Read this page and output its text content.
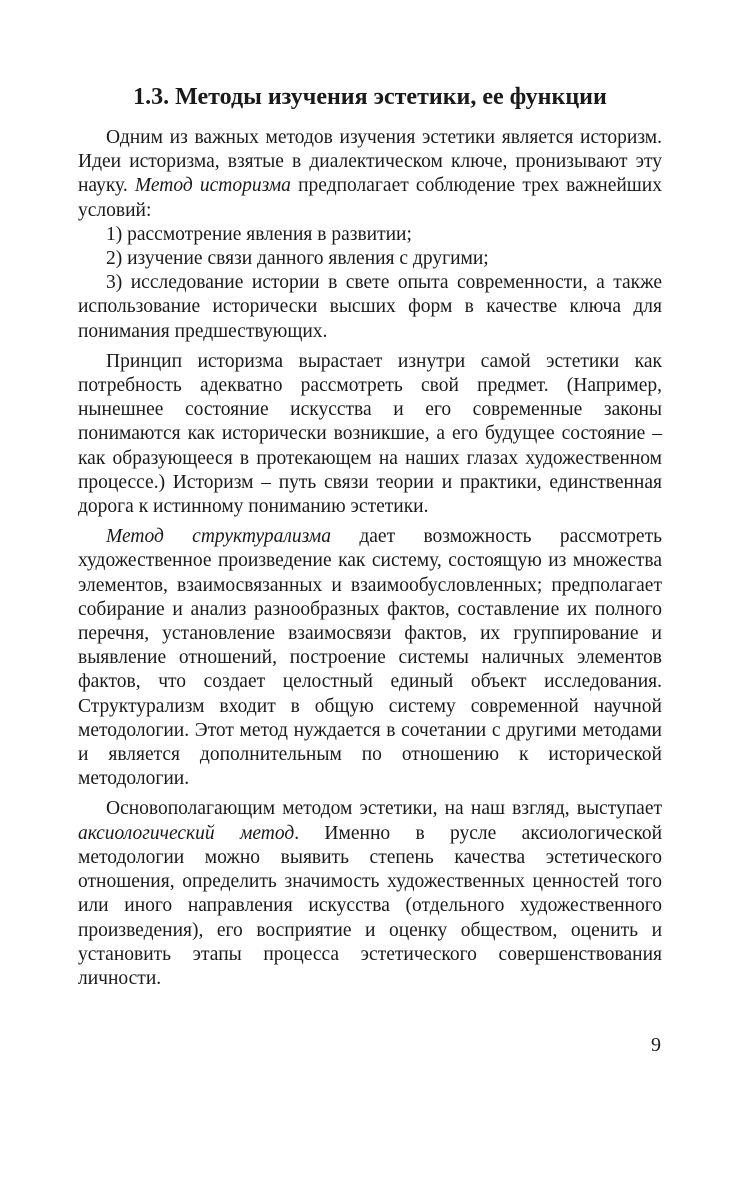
1.3. Методы изучения эстетики, ее функции

Одним из важных методов изучения эстетики является историзм. Идеи историзма, взятые в диалектическом ключе, пронизывают эту науку. Метод историзма предполагает соблюдение трех важнейших условий:

1) рассмотрение явления в развитии;
2) изучение связи данного явления с другими;
3) исследование истории в свете опыта современности, а также использование исторически высших форм в качестве ключа для понимания предшествующих.

Принцип историзма вырастает изнутри самой эстетики как потребность адекватно рассмотреть свой предмет. (Например, нынешнее состояние искусства и его современные законы понимаются как исторически возникшие, а его будущее состояние – как образующееся в протекающем на наших глазах художественном процессе.) Историзм – путь связи теории и практики, единственная дорога к истинному пониманию эстетики.

Метод структурализма дает возможность рассмотреть художественное произведение как систему, состоящую из множества элементов, взаимосвязанных и взаимообусловленных; предполагает собирание и анализ разнообразных фактов, составление их полного перечня, установление взаимосвязи фактов, их группирование и выявление отношений, построение системы наличных элементов фактов, что создает целостный единый объект исследования. Структурализм входит в общую систему современной научной методологии. Этот метод нуждается в сочетании с другими методами и является дополнительным по отношению к исторической методологии.

Основополагающим методом эстетики, на наш взгляд, выступает аксиологический метод. Именно в русле аксиологической методологии можно выявить степень качества эстетического отношения, определить значимость художественных ценностей того или иного направления искусства (отдельного художественного произведения), его восприятие и оценку обществом, оценить и установить этапы процесса эстетического совершенствования личности.

9
